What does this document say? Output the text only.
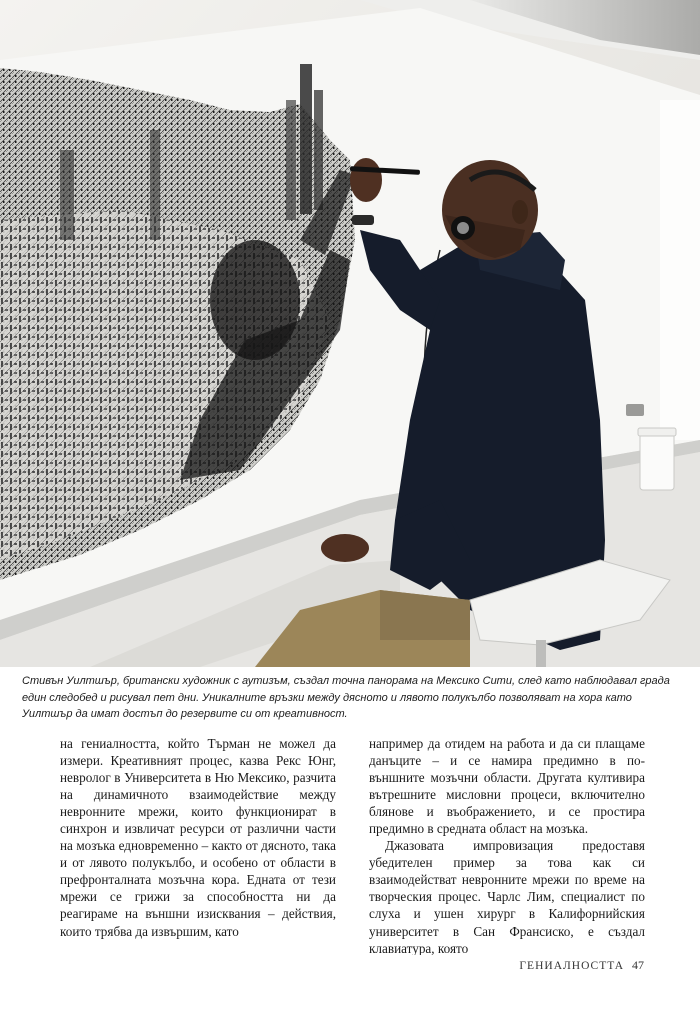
Стивън Уилтшър, британски художник с аутизъм, създал точна панорама на Мексико Сити, след като наблюдавал града един следобед и рисувал пет дни. Уникалните връзки между дясното и лявото полукълбо позволяват на хора като Уилтшър да имат достъп до резервите си от креативност.

на гениалността, който Търман не можел да измери. Креативният процес, казва Рекс Юнг, невролог в Университета в Ню Мексико, разчита на динамичното взаимодействие между невронните мрежи, които функционират в синхрон и извличат ресурси от различни части на мозъка едновременно – както от дясното, така и от лявото полукълбо, и особено от области в префронталната мозъчна кора. Едната от тези мрежи се грижи за способността ни да реагираме на външни изисквания – действия, които трябва да извършим, като

например да отидем на работа и да си плащаме данъците – и се намира предимно в по-външните мозъчни области. Другата култивира вътрешните мисловни процеси, включително блянове и въображението, и се простира предимно в средната област на мозъка.

Джазовата импровизация предоставя убедителен пример за това как си взаимодействат невронните мрежи по време на творческия процес. Чарлс Лим, специалист по слуха и ушен хирург в Калифорнийския университет в Сан Франсиско, е създал клавиатура, която

ГЕНИАЛНОСТТА 47
